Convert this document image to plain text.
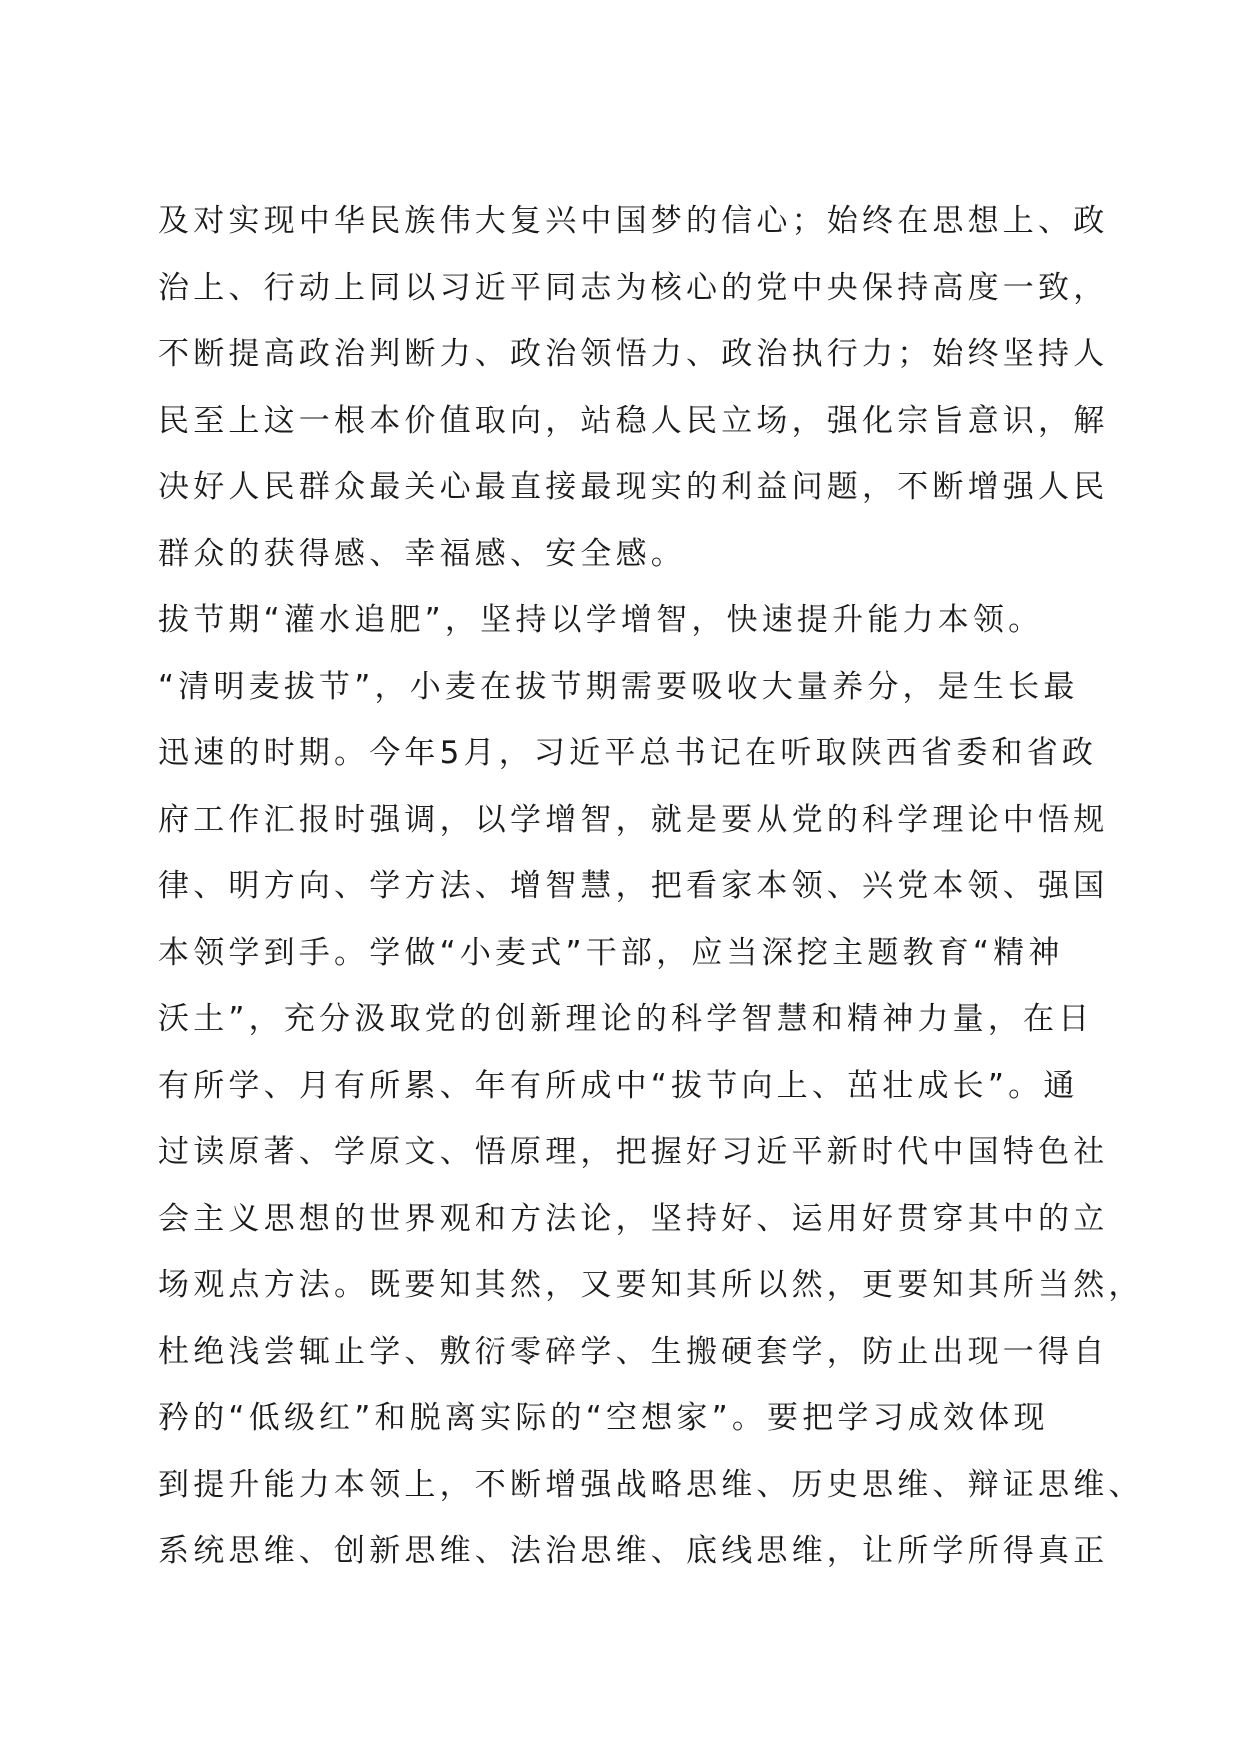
及对实现中华民族伟大复兴中国梦的信心；始终在思想上、政
治上、行动上同以习近平同志为核心的党中央保持高度一致，
不断提高政治判断力、政治领悟力、政治执行力；始终坚持人
民至上这一根本价值取向，站稳人民立场，强化宗旨意识，解
决好人民群众最关心最直接最现实的利益问题，不断增强人民
群众的获得感、幸福感、安全感。
拔节期“灌水追肥”，坚持以学增智，快速提升能力本领。
“清明麦拔节”，小麦在拔节期需要吸收大量养分，是生长最
迅速的时期。今年5月，习近平总书记在听取陕西省委和省政
府工作汇报时强调，以学增智，就是要从党的科学理论中悟规
律、明方向、学方法、增智慧，把看家本领、兴党本领、强国
本领学到手。学做“小麦式”干部，应当深挖主题教育“精神
沃土”，充分汲取党的创新理论的科学智慧和精神力量，在日
有所学、月有所累、年有所成中“拔节向上、茁壮成长”。通
过读原著、学原文、悟原理，把握好习近平新时代中国特色社
会主义思想的世界观和方法论，坚持好、运用好贯穿其中的立
场观点方法。既要知其然，又要知其所以然，更要知其所当然，
杜绝浅尝辄止学、敷衍零碎学、生搬硬套学，防止出现一得自
矜的“低级红”和脱离实际的“空想家”。要把学习成效体现
到提升能力本领上，不断增强战略思维、历史思维、辩证思维、
系统思维、创新思维、法治思维、底线思维，让所学所得真正
